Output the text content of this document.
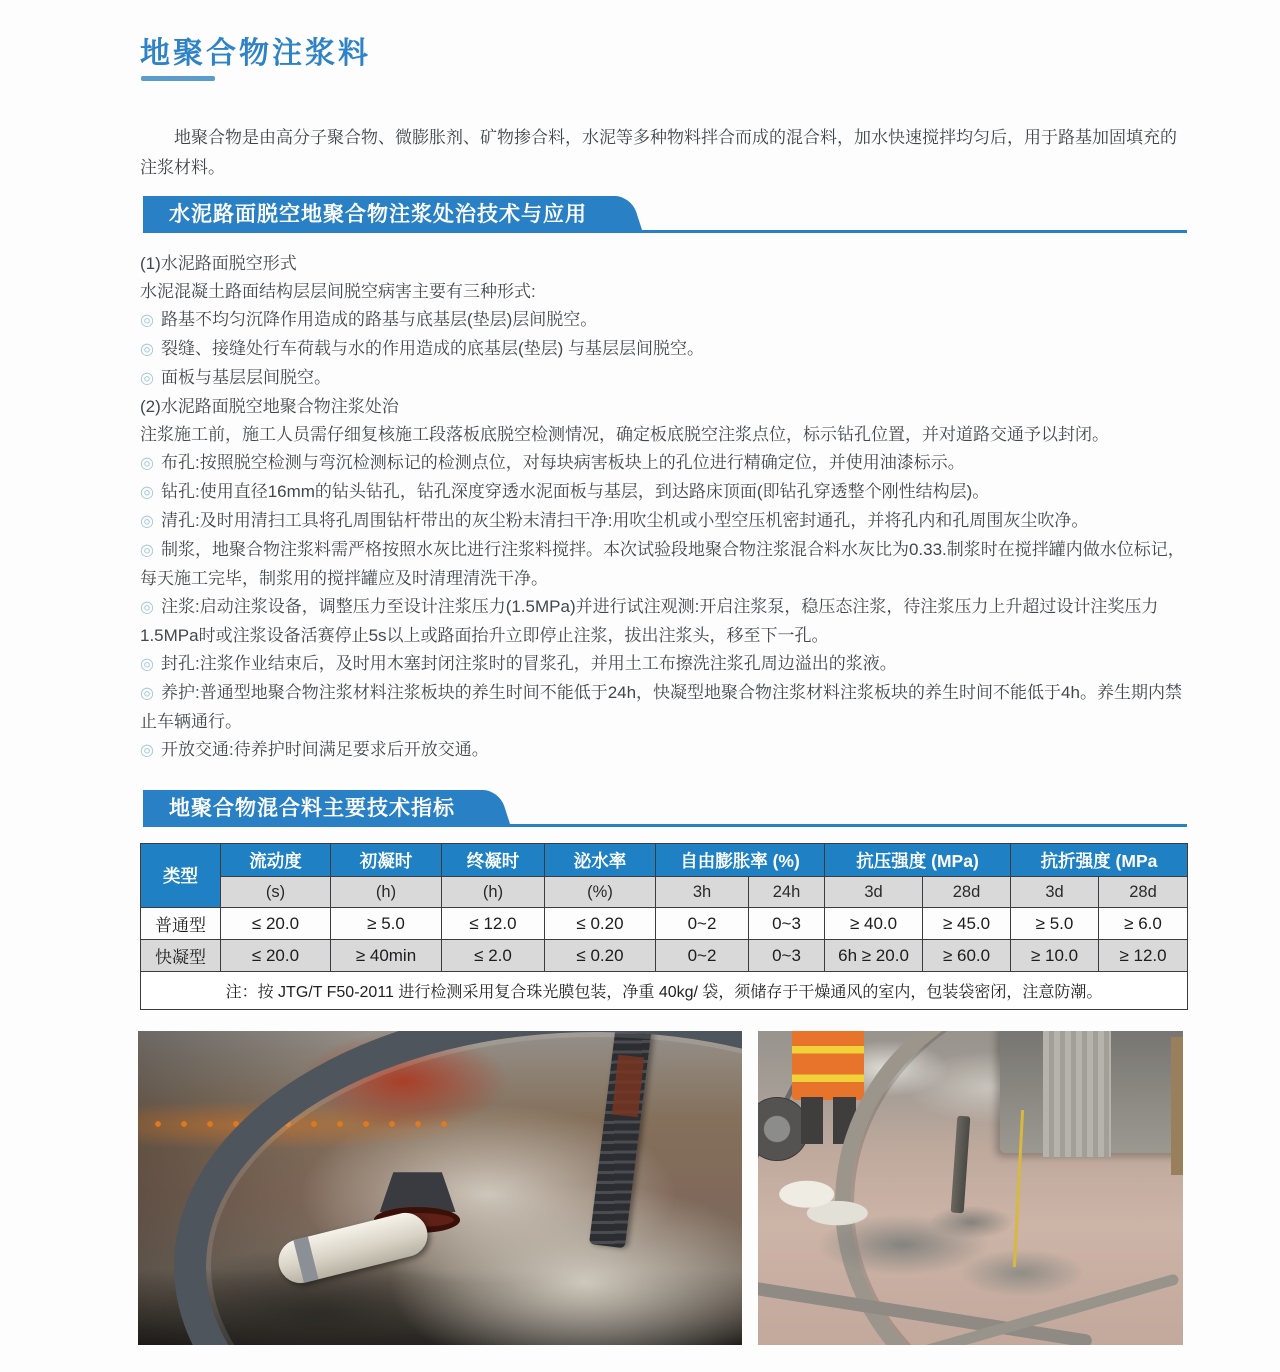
地聚合物注浆料

地聚合物是由高分子聚合物、微膨胀剂、矿物掺合料，水泥等多种物料拌合而成的混合料，加水快速搅拌均匀后，用于路基加固填充的注浆材料。

水泥路面脱空地聚合物注浆处治技术与应用
(1)水泥路面脱空形式
水泥混凝土路面结构层层间脱空病害主要有三种形式:
◎ 路基不均匀沉降作用造成的路基与底基层(垫层)层间脱空。
◎ 裂缝、接缝处行车荷载与水的作用造成的底基层(垫层) 与基层层间脱空。
◎ 面板与基层层间脱空。
(2)水泥路面脱空地聚合物注浆处治
注浆施工前，施工人员需仔细复核施工段落板底脱空检测情况，确定板底脱空注浆点位，标示钻孔位置，并对道路交通予以封闭。
◎ 布孔:按照脱空检测与弯沉检测标记的检测点位，对每块病害板块上的孔位进行精确定位，并使用油漆标示。
◎ 钻孔:使用直径16mm的钻头钻孔，钻孔深度穿透水泥面板与基层，到达路床顶面(即钻孔穿透整个刚性结构层)。
◎ 清孔:及时用清扫工具将孔周围钻杆带出的灰尘粉末清扫干净:用吹尘机或小型空压机密封通孔，并将孔内和孔周围灰尘吹净。
◎ 制浆，地聚合物注浆料需严格按照水灰比进行注浆料搅拌。本次试验段地聚合物注浆混合料水灰比为0.33.制浆时在搅拌罐内做水位标记，每天施工完毕，制浆用的搅拌罐应及时清理清洗干净。
◎ 注浆:启动注浆设备，调整压力至设计注浆压力(1.5MPa)并进行试注观测:开启注浆泵，稳压态注浆，待注浆压力上升超过设计注奖压力1.5MPa时或注浆设备活赛停止5s以上或路面抬升立即停止注浆，拔出注浆头，移至下一孔。
◎ 封孔:注浆作业结束后，及时用木塞封闭注浆时的冒浆孔，并用土工布擦洗注浆孔周边溢出的浆液。
◎ 养护:普通型地聚合物注浆材料注浆板块的养生时间不能低于24h，快凝型地聚合物注浆材料注浆板块的养生时间不能低于4h。养生期内禁止车辆通行。
◎ 开放交通:待养护时间满足要求后开放交通。
地聚合物混合料主要技术指标
类型	流动度	初凝时	终凝时	泌水率	自由膨胀率 (%)		抗压强度 (MPa)		抗折强度 (MPa	
	(s)	(h)	(h)	(%)	3h	24h	3d	28d	3d	28d
普通型	≤ 20.0	≥ 5.0	≤ 12.0	≤ 0.20	0~2	0~3	≥ 40.0	≥ 45.0	≥ 5.0	≥ 6.0
快凝型	≤ 20.0	≥ 40min	≤ 2.0	≤ 0.20	0~2	0~3	6h ≥ 20.0	≥ 60.0	≥ 10.0	≥ 12.0
注：按 JTG/T F50-2011 进行检测采用复合珠光膜包装，净重 40kg/ 袋，须储存于干燥通风的室内，包装袋密闭，注意防潮。										
